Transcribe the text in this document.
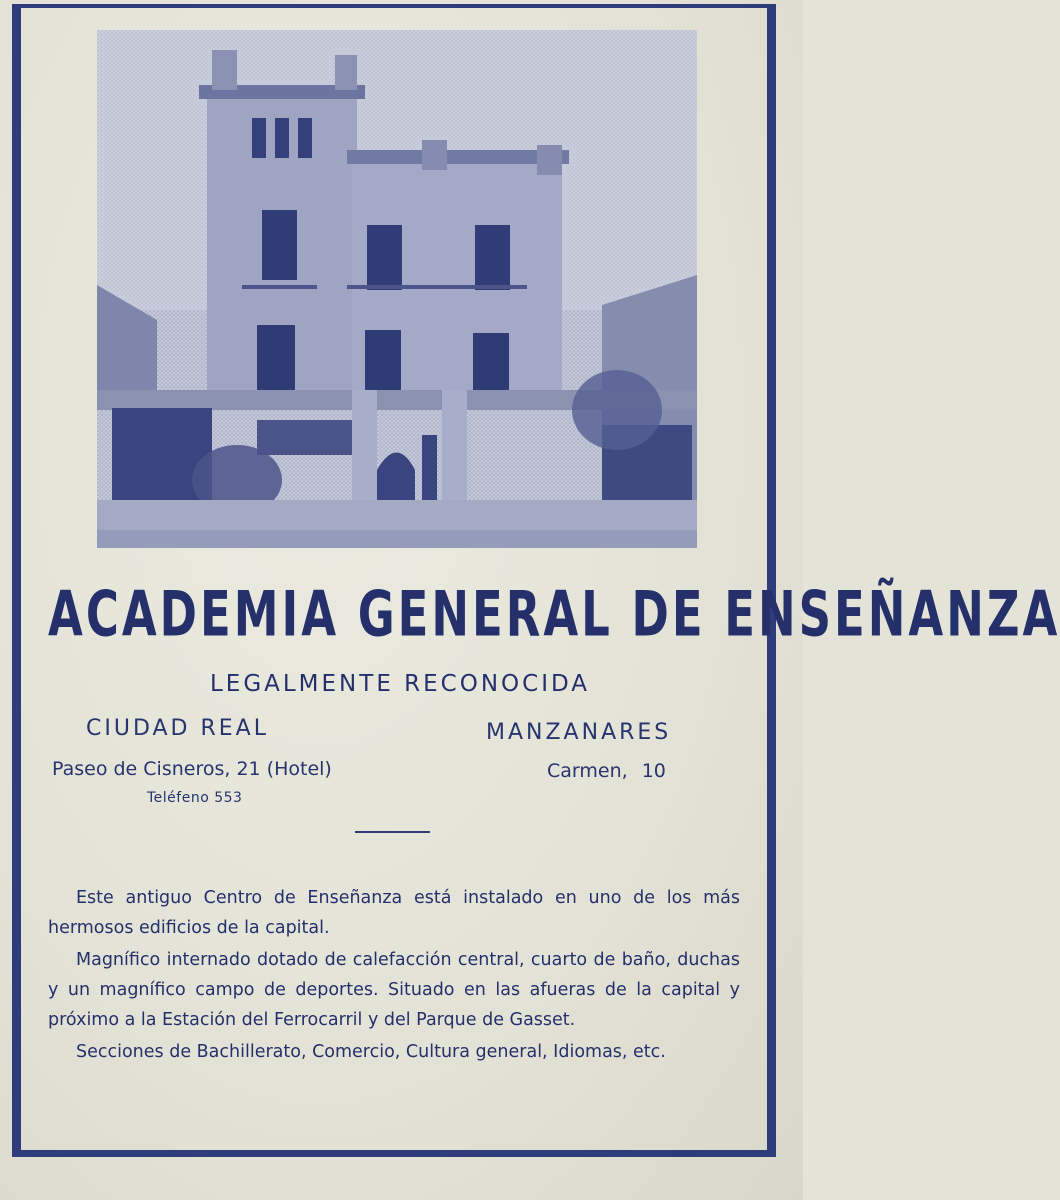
ACADEMIA GENERAL DE ENSEÑANZA
LEGALMENTE RECONOCIDA
CIUDAD REAL	MANZANARES
Paseo de Cisneros, 21 (Hotel)	Carmen, 10
Teléfeno 553

Este antiguo Centro de Enseñanza está instalado en uno de los más hermosos edificios de la capital.

Magnífico internado dotado de calefacción central, cuarto de baño, duchas y un magnífico campo de deportes. Situado en las afueras de la capital y próximo a la Estación del Ferrocarril y del Parque de Gasset.

Secciones de Bachillerato, Comercio, Cultura general, Idiomas, etc.
